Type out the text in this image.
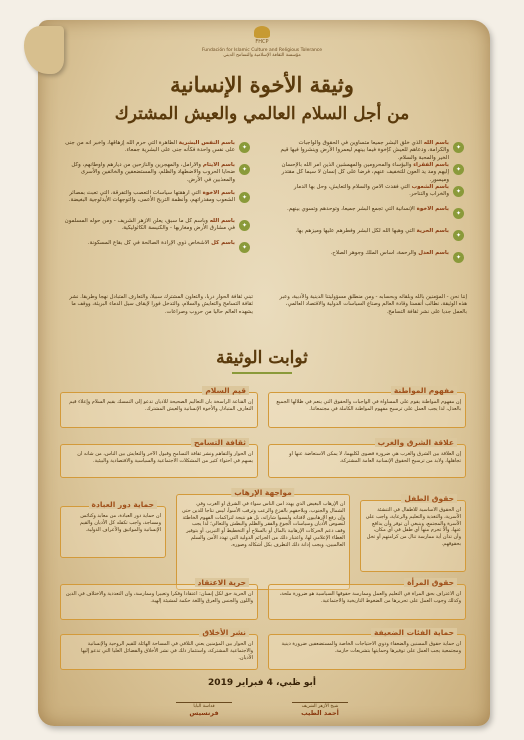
FHCP
Fundación for Islamic Culture and Religious Tolerance
مؤسسة الثقافة الإسلامية والتسامح الديني
وثيقة الأخوة الإنسانية
من أجل السلام العالمي والعيش المشترك
✦
باسم الله الذي خلق البشر جميعا متساوين في الحقوق والواجبات والكرامة، ودعاهم للعيش كإخوة فيما بينهم ليعمروا الأرض وينشروا فيها قيم الخير والمحبة والسلام.
✦
باسم الفقراء والبؤساء والمحرومين والمهمشين الذين أمر الله بالإحسان إليهم ومد يد العون للتخفيف عنهم، فرضا على كل إنسان لا سيما كل مقتدر وميسور.
✦
باسم الشعوب التي فقدت الأمن والسلام والتعايش، وحل بها الدمار والخراب والتناحر.
✦
باسم الأخوة الإنسانية التي تجمع البشر جميعا، وتوحدهم وتسوي بينهم.
✦
باسم الحرية التي وهبها الله لكل البشر وفطرهم عليها وميزهم بها.
✦
باسم العدل والرحمة، أساس الملك وجوهر الصلاح.
✦
باسم النفس البشرية الطاهرة التي حرم الله إزهاقها، وأخبر أنه من جنى على نفس واحدة فكأنه جنى على البشرية جمعاء.
✦
باسم الأيتام والأرامل، والمهجرين والنازحين من ديارهم وأوطانهم، وكل ضحايا الحروب والاضطهاد والظلم، والمستضعفين والخائفين والأسرى والمعذبين في الأرض.
✦
باسم الأخوة التي أرهقتها سياسات التعصب والتفرقة، التي تعبث بمصائر الشعوب ومقدراتهم، وأنظمة التربح الأعمى، والتوجهات الأيدلوجية البغيضة.
✦
باسم الله وباسم كل ما سبق، يعلن الأزهر الشريف - ومن حوله المسلمون في مشارق الأرض ومغاربها - والكنيسة الكاثوليكية.
✦
باسم كل الأشخاص ذوي الإرادة الصالحة في كل بقاع المسكونة.
إننا نحن - المؤمنين بالله وبلقائه وبحسابه - ومن منطلق مسؤوليتنا الدينية والأدبية، وعبر هذه الوثيقة، نطالب أنفسنا وقادة العالم وصناع السياسات الدولية والاقتصاد العالمي، بالعمل جديا على نشر ثقافة التسامح.
تبني ثقافة الحوار دربا، والتعاون المشترك سبيلا، والتعارف المتبادل نهجا وطريقا. نشر ثقافة التسامح والتعايش والسلام، والتدخل فورا لإيقاف سيل الدماء البريئة، ووقف ما يشهده العالم حاليا من حروب وصراعات.
ثوابت الوثيقة
مفهوم المواطنة
إن مفهوم المواطنة يقوم على المساواة في الواجبات والحقوق التي ينعم في ظلالها الجميع بالعدل، لذا يجب العمل على ترسيخ مفهوم المواطنة الكاملة في مجتمعاتنا.
قيم السلام
إن القناعة الراسخة بأن التعاليم الصحيحة للأديان تدعو إلى التمسك بقيم السلام وإعلاء قيم التعارف المتبادل والأخوة الإنسانية والعيش المشترك.
علاقة الشرق والغرب
إن العلاقة بين الشرق والغرب هي ضرورة قصوى لكليهما، لا يمكن الاستعاضة عنها أو تجاهلها، ولابد من ترسيخ الحقوق الإنسانية العامة المشتركة.
ثقافة التسامح
أن الحوار والتفاهم ونشر ثقافة التسامح وقبول الآخر والتعايش بين الناس، من شأنه أن يسهم في احتواء كثير من المشكلات الاجتماعية والسياسية والاقتصادية والبيئية.
مواجهة الإرهاب
أن الإرهاب البغيض الذي يهدد أمن الناس سواء في الشرق أو الغرب وفي الشمال والجنوب، ويلاحقهم بالفزع والرعب وترقب الأسوأ، ليس نتاجا للدين حتى وإن رفع الإرهابيون لافتاته ولبسوا شاراته، بل هو نتيجة لتراكمات الفهوم الخاطئة لنصوص الأديان وسياسات الجوع والفقر والظلم والبطش والتعالي؛ لذا يجب وقف دعم الحركات الإرهابية بالمال أو بالسلاح أو التخطيط أو التبرير، أو بتوفير الغطاء الإعلامي لها، واعتبار ذلك من الجرائم الدولية التي تهدد الأمن والسلم العالميين، ويجب إدانة ذلك التطرف بكل أشكاله وصوره.
حقوق الطفل
أن الحقوق الأساسية للأطفال في التنشئة الأسرية، والتغذية والتعليم والرعاية، واجب على الأسرة والمجتمع، وينبغي أن توفر وأن يدافع عنها، وألا تحرم منها أي طفل في أي مكان، وأن تدان أية ممارسة تنال من كرامتهم أو تخل بحقوقهم.
حماية دور العبادة
أن حماية دور العبادة، من معابد وكنائس ومساجد، واجب تكفله كل الأديان والقيم الإنسانية والمواثيق والأعراف الدولية.
حرية الاعتقاد
أن الحرية حق لكل إنسان: اعتقادا وفكرا وتعبيرا وممارسة، وأن التعددية والاختلاف في الدين واللون والجنس والعرق واللغة حكمة لمشيئة إلهية.
حقوق المرأة
أن الاعتراف بحق المرأة في التعليم والعمل وممارسة حقوقها السياسية هو ضرورة ملحة، وكذلك وجوب العمل على تحريرها من الضغوط التاريخية والاجتماعية.
نشر الأخلاق
أن الحوار بين المؤمنين يعني التلاقي في المساحة الهائلة للقيم الروحية والإنسانية والاجتماعية المشتركة، واستثمار ذلك في نشر الأخلاق والفضائل العليا التي تدعو إليها الأديان.
حماية الفئات الضعيفة
أن حماية حقوق المسنين والضعفاء وذوي الاحتياجات الخاصة والمستضعفين ضرورة دينية ومجتمعية يجب العمل على توفيرها وحمايتها بتشريعات حازمة.
أبو ظبي، 4 فبراير 2019
شيخ الأزهر الشريف
أحمد الطيب
قداسة البابا
فرنسيس
